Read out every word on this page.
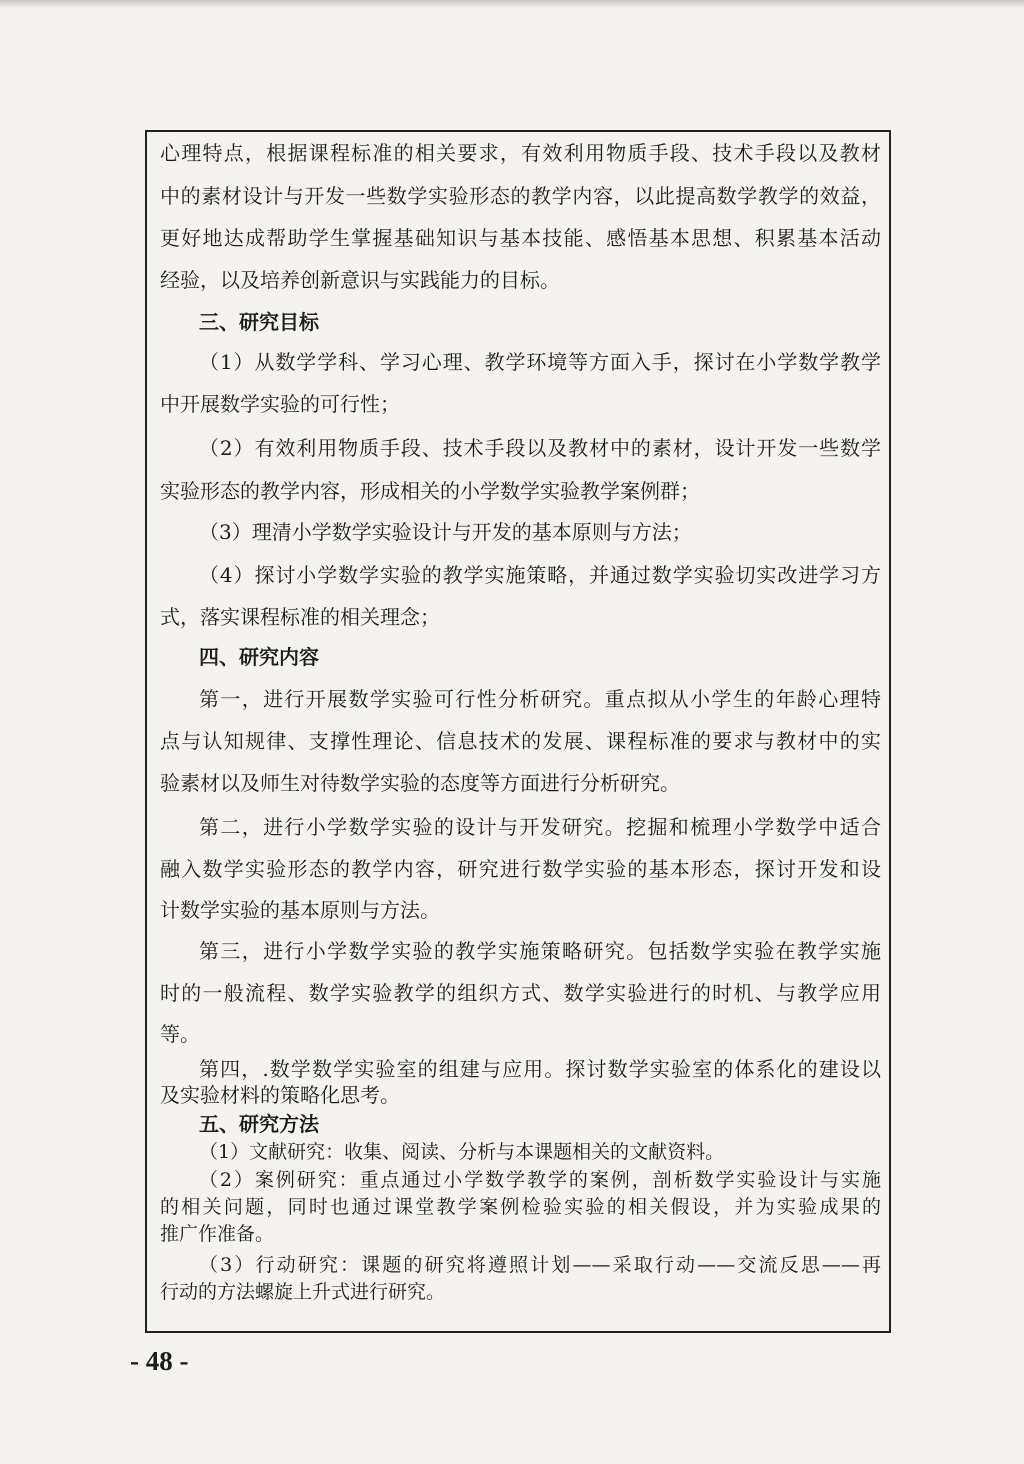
心理特点，根据课程标准的相关要求，有效利用物质手段、技术手段以及教材
中的素材设计与开发一些数学实验形态的教学内容，以此提高数学教学的效益，
更好地达成帮助学生掌握基础知识与基本技能、感悟基本思想、积累基本活动
经验，以及培养创新意识与实践能力的目标。
三、研究目标
（1）从数学学科、学习心理、教学环境等方面入手，探讨在小学数学教学
中开展数学实验的可行性；
（2）有效利用物质手段、技术手段以及教材中的素材，设计开发一些数学
实验形态的教学内容，形成相关的小学数学实验教学案例群；
（3）理清小学数学实验设计与开发的基本原则与方法；
（4）探讨小学数学实验的教学实施策略，并通过数学实验切实改进学习方
式，落实课程标准的相关理念；
四、研究内容
第一，进行开展数学实验可行性分析研究。重点拟从小学生的年龄心理特
点与认知规律、支撑性理论、信息技术的发展、课程标准的要求与教材中的实
验素材以及师生对待数学实验的态度等方面进行分析研究。
第二，进行小学数学实验的设计与开发研究。挖掘和梳理小学数学中适合
融入数学实验形态的教学内容，研究进行数学实验的基本形态，探讨开发和设
计数学实验的基本原则与方法。
第三，进行小学数学实验的教学实施策略研究。包括数学实验在教学实施
时的一般流程、数学实验教学的组织方式、数学实验进行的时机、与教学应用
等。
第四，.数学数学实验室的组建与应用。探讨数学实验室的体系化的建设以
及实验材料的策略化思考。
五、研究方法
（1）文献研究：收集、阅读、分析与本课题相关的文献资料。
（2）案例研究：重点通过小学数学教学的案例，剖析数学实验设计与实施
的相关问题，同时也通过课堂教学案例检验实验的相关假设，并为实验成果的
推广作准备。
（3）行动研究：课题的研究将遵照计划——采取行动——交流反思——再
行动的方法螺旋上升式进行研究。
- 48 -
